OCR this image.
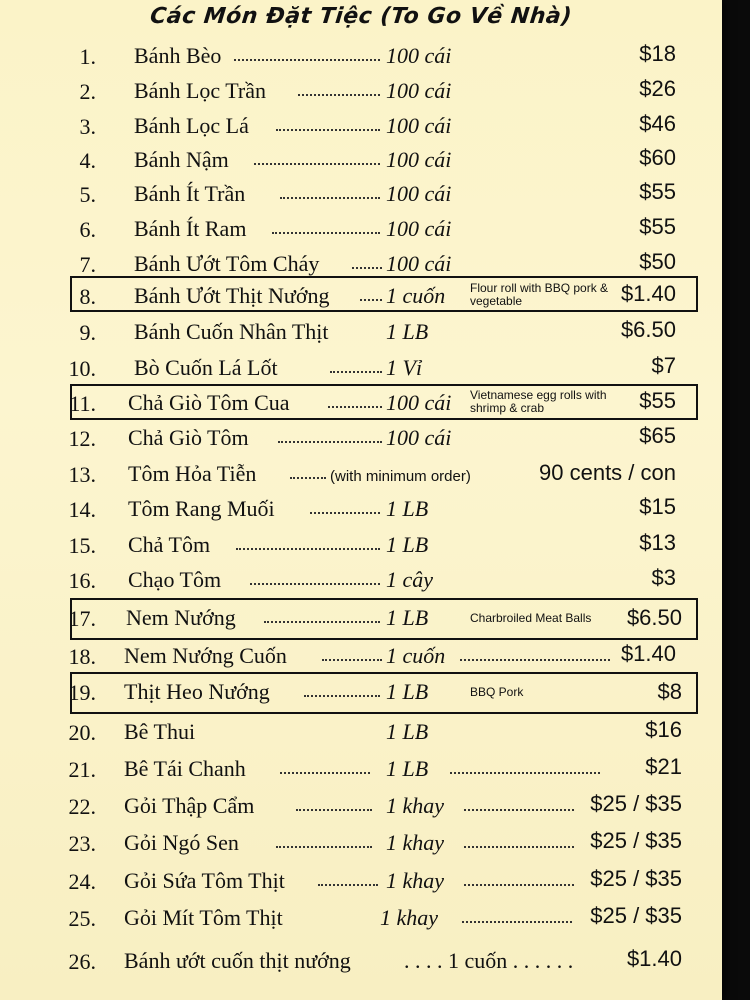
Các Món Đặt Tiệc (To Go Về Nhà)
1. Bánh Bèo	100 cái	$18
2. Bánh Lọc Trần	100 cái	$26
3. Bánh Lọc Lá	100 cái	$46
4. Bánh Nậm	100 cái	$60
5. Bánh Ít Trần	100 cái	$55
6. Bánh Ít Ram	100 cái	$55
7. Bánh Ướt Tôm Cháy	100 cái	$50
8. Bánh Ướt Thịt Nướng	1 cuốn Flour roll with BBQ pork & vegetable	$1.40
9. Bánh Cuốn Nhân Thịt	1 LB	$6.50
10. Bò Cuốn Lá Lốt	1 Vỉ	$7
11. Chả Giò Tôm Cua	100 cái Vietnamese egg rolls with shrimp & crab	$55
12. Chả Giò Tôm	100 cái	$65
13. Tôm Hỏa Tiễn	(with minimum order)	90 cents / con
14. Tôm Rang Muối	1 LB	$15
15. Chả Tôm	1 LB	$13
16. Chạo Tôm	1 cây	$3
17. Nem Nướng	1 LB	Charbroiled Meat Balls	$6.50
18. Nem Nướng Cuốn	1 cuốn	$1.40
19. Thịt Heo Nướng	1 LB	BBQ Pork	$8
20. Bê Thui	1 LB	$16
21. Bê Tái Chanh	1 LB	$21
22. Gỏi Thập Cẩm	1 khay	$25 / $35
23. Gỏi Ngó Sen	1 khay	$25 / $35
24. Gỏi Sứa Tôm Thịt	1 khay	$25 / $35
25. Gỏi Mít Tôm Thịt	1 khay	$25 / $35
26. Bánh ướt cuốn thịt nướng . . . . 1 cuốn . . . . . . $1.40
